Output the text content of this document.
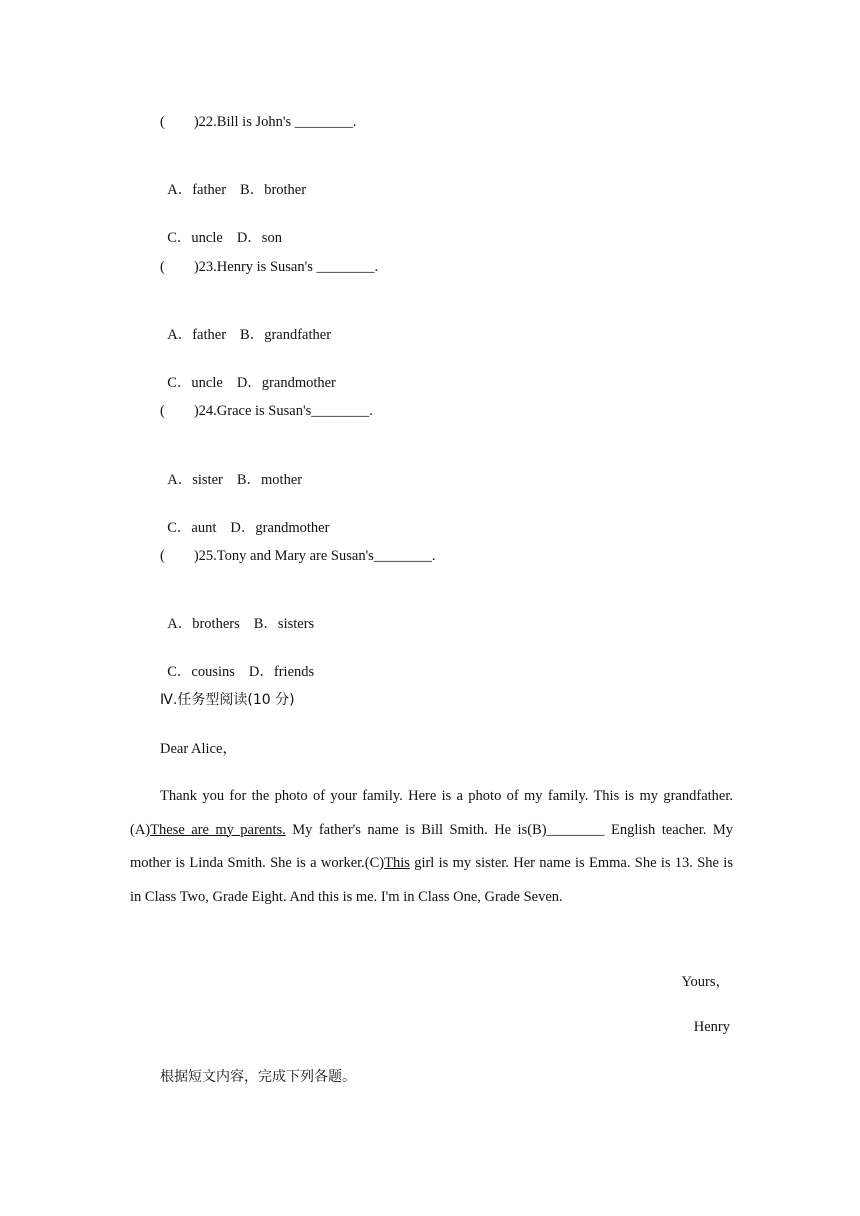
(        )22.Bill is John's ________.

A．father B．brother

C．uncle D．son

(        )23.Henry is Susan's ________.

A．father B．grandfather

C．uncle D．grandmother

(        )24.Grace is Susan's________.

A．sister B．mother

C．aunt D．grandmother

(        )25.Tony and Mary are Susan's________.

A．brothers B．sisters

C．cousins D．friends

Ⅳ.任务型阅读(10 分)
Dear Alice，
Thank you for the photo of your family. Here is a photo of my family. This is my grandfather.(A)These are my parents. My father's name is Bill Smith. He is(B)________ English teacher. My mother is Linda Smith. She is a worker.(C)This girl is my sister. Her name is Emma. She is 13. She is in Class Two, Grade Eight. And this is me. I'm in Class One, Grade Seven.
Yours，
Henry
根据短文内容，完成下列各题。
